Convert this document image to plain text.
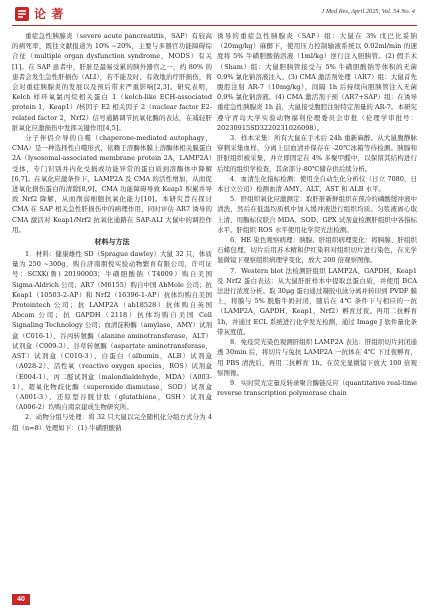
论 著	J Med Res, April 2025, Vol. 54 No. 4

重症急性胰腺炎（severe acute pancreatitis，SAP）有较高的病死率，既往文献报道为 10% ~20%，主要与多器官功能障碍综合征（multiple organ dysfunction syndrome，MODS）有关[1]。在 SAP 患者中，肝脏是最易受累的胰外器官之一，约 80% 的患者会发生急性肝损伤（ALI），若不能及时、有效地治疗肝损伤，将会对重症胰腺炎的发展以及预后带来严重影响[2,3]。研究表明，Kelch 样环氧氯丙烷相关蛋白 1（kelch-like ECH-associated protein 1，Keap1）/核因子 E2 相关因子 2（nuclear factor E2-related factor 2，Nrf2）信号通路调节抗氧化酶的表达，在减轻肝脏氧化应激损伤中发挥关键作用[4,5]。

分子伴侣介导的自噬（chaperone-mediated autophagy，CMA）是一种选择性自噬形式，依赖于溶酶体膜上溶酶体相关膜蛋白 2A（lysosomal-associated membrane protein 2A，LAMP2A）受体，专门识别并内化受损或功能异常的蛋白质到溶酶体中降解[6,7]。在氧化应激条件下，LAMP2A 及 CMA 的活性增加，从而促进氧化损伤蛋白的清除[8,9]。CMA 功能障碍导致 Keap1 积累并导致 Nrf2 降解，从而削弱细胞抗氧化能力[10]。本研究旨在探讨 CMA 在 SAP 相关急性肝损伤中的病理作用，同时评估 AR7 诱导的 CMA 激活对 Keap1/Nrf2 抗氧化通路在 SAP-ALI 大鼠中的调控作用。

材料与方法

1．材料：健康雄性 SD（Sprague dawley）大鼠 32 只，体质量为 250 ~300g，购自济南朋悦实验动物繁育有限公司，许可证号：SCXK(鲁) 20190003；牛磺胆酸钠（T4009）购自美国 Sigma-Aldrich 公司；AR7（M6155）购自中国 AbMole 公司；抗 Keap1（10503-2-AP）和 Nrf2（16396-1-AP）抗体均购自美国 Proteintech 公司；抗 LAMP2A（ab18528）抗体购自英国 Abcam 公司；抗 GAPDH（2118）抗体均购自美国 Cell Signaling Technology 公司；血清淀粉酶（amylase，AMY）试剂盒（C016-1）、谷丙转氨酶（alanine aminotransferase，ALT）试剂盒（C009-3）、谷草转氨酶（aspartate aminotransferase，AST）试剂盒（C010-3）、白蛋白（albumin，ALB）试剂盒（A028-2）、活性氧（reactive oxygen species，ROS）试剂盒（E004-1）、丙二醛试剂盒（malondialdehyde，MDA）（A003-1）、超氧化物歧化酶（superoxide dismutase，SOD）试剂盒（A001-3）、还原型谷胱甘肽（glutathione，GSH）试剂盒（A006-2）均购自南京建成生物研究所。

2．动物分组与处理：将 32 只大鼠以完全随机化分组方式分为 4 组（n=8）处理如下：(1) 牛磺胆酸钠

诱导的重症急性胰腺炎（SAP）组：大鼠在 3% 戊巴比妥钠（20mg/kg）麻醉下，使用压力控制输液系统以 0.02ml/min 的速度将 5% 牛磺胆酸钠溶液（1ml/kg）逆行注入胆胰管。(2) 假手术（Sham）组：大鼠胆胰管接受与 5% 牛磺胆酸钠等体积的无菌 0.9% 氯化钠溶液注入。(3) CMA 激活剂处理（AR7）组：大鼠首先腹腔注射 AR-7（10mg/kg），间隔 1h 后持续向胆胰管注入无菌 0.9% 氯化钠溶液。(4) CMA 激活剂干预（AR7+SAP）组：在诱导重症急性胰腺炎 1h 前，大鼠接受腹腔注射特定剂量的 AR-7。本研究遵守青岛大学实验动物福利伦理委员会审批（伦理学审批号：20230915SD3220231026098）。

3．样本采集：所有大鼠在手术后 24h 重新麻醉。从大鼠腹静脉穿刺采集血样，分离上层血清并保存在 -20℃冰箱等待检测。胰腺和肝脏组织被采集，并立即固定在 4% 多聚甲醛中，以保留其结构进行后续的组织学检查，其余部分-80℃储存供后续分析。

4．血清生化指标检测：使用全自动生化分析仪（日立 7080，日本日立公司）检测血清 AMY、ALT、AST 和 ALB 水平。

5．肝组织氧化应激测定：取肝脏新鲜组织在预冷的磷酸缓冲液中清洗，然后在低温均质机中加入缓冲液进行组织均质。匀浆液离心取上清，用酶标仪联合 MDA、SOD、GPX 试剂盒检测肝组织中各指标水平。肝组织 ROS 水平使用化学荧光法检测。

6．HE 染色观察病理：胰腺、肝组织病理变化：将胰腺、肝组织石蜡包埋，切片后用苏木精和伊红染料对组织切片进行染色，在光学显微镜下观察组织病理学变化，放大 200 倍观察图像。

7．Western blot 法检测肝组织 LAMP2A、GAPDH、Keap1 及 Nrf2 蛋白表达：从大鼠肝脏样本中提取总蛋白质，并使用 BCA 法进行浓度分析。取 30μg 蛋白通过凝胶电泳分离并转印到 PVDF 膜上，将膜与 5% 脱脂牛奶封闭，随后在 4℃ 条件下与相应的一抗（LAMP2A、GAPDH、Keap1、Nrf2）孵育过夜。再用二抗孵育 1h，并通过 ECL 系统进行化学发光检测，通过 Image J 软件量化条带灰度值。

8．免疫荧光染色观测肝组织 LAMP2A 表达：肝组织切片封闭通透 30min 后，将切片与兔抗 LAMP2A 一抗体在 4℃ 下过夜孵育，用 PBS 清洗后，再用二抗孵育 1h。在荧光显微镜下放大 100 倍观察图像。

9．实时荧光定量反转录聚合酶链反应（quantitative real-time reverse transcription polymerase chain

40
